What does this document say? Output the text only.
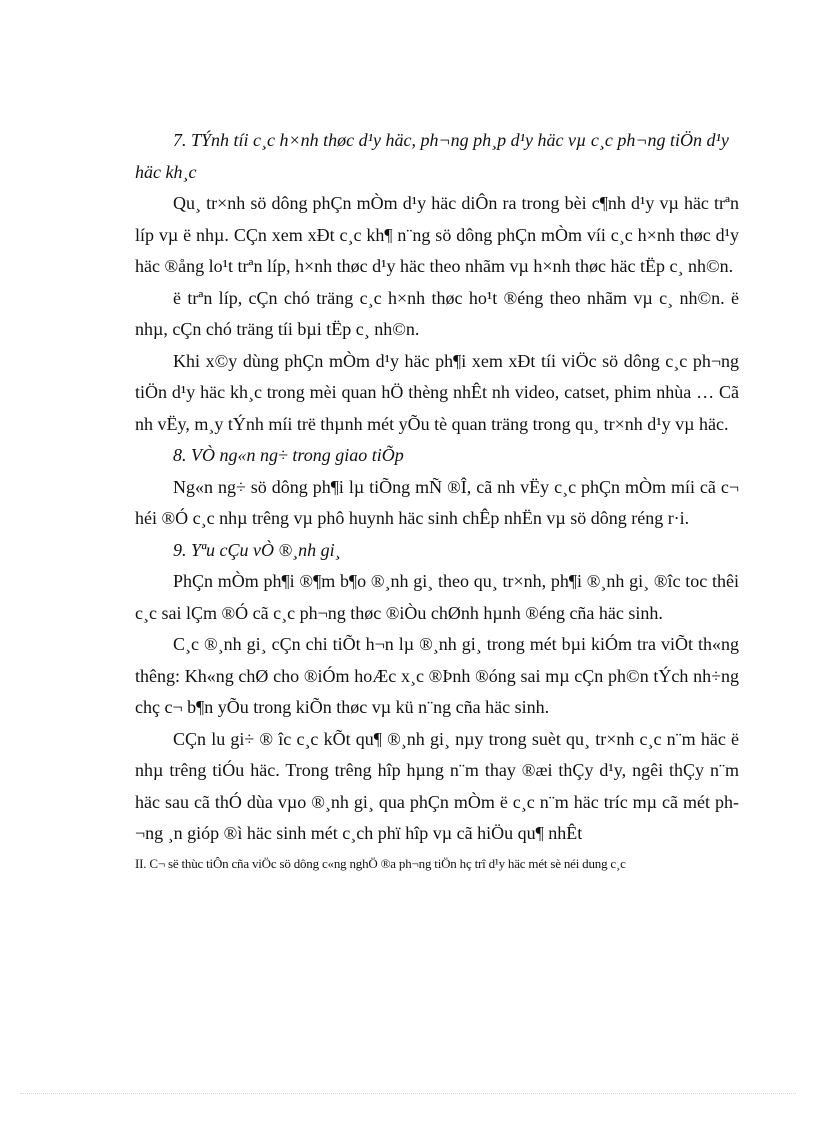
7. TÝnh tíi c¸c h×nh thøc d¹y häc, ph¬ng ph¸p d¹y häc vµ c¸c ph¬ng tiÖn d¹y häc kh¸c

Qu¸ tr×nh sö dông phÇn mÒm d¹y häc diÔn ra trong bèi c¶nh d¹y vµ häc trªn líp vµ ë nhµ. CÇn xem xÐt c¸c kh¶ n¨ng sö dông phÇn mÒm víi c¸c h×nh thøc d¹y häc ®ång lo¹t trªn líp, h×nh thøc d¹y häc theo nhãm vµ h×nh thøc häc tËp c¸ nh©n.

ë trªn líp, cÇn chó träng c¸c h×nh thøc ho¹t ®éng theo nhãm vµ c¸ nh©n. ë nhµ, cÇn chó träng tíi bµi tËp c¸ nh©n.

Khi x©y dùng phÇn mÒm d¹y häc ph¶i xem xÐt tíi viÖc sö dông c¸c ph¬ng tiÖn d¹y häc kh¸c trong mèi quan hÖ thèng nhÊt nh video, catset, phim nhùa … Cã nh vËy, m¸y tÝnh míi trë thµnh mét yÕu tè quan träng trong qu¸ tr×nh d¹y vµ häc.

8. VÒ ng«n ng÷ trong giao tiÕp

Ng«n ng÷ sö dông ph¶i lµ tiÕng mÑ ®Î, cã nh vËy c¸c phÇn mÒm míi cã c¬ héi ®Ó c¸c nhµ trêng vµ phô huynh häc sinh chÊp nhËn vµ sö dông réng r·i.

9. Yªu cÇu vÒ ®¸nh gi¸

PhÇn mÒm ph¶i ®¶m b¶o ®¸nh gi¸ theo qu¸ tr×nh, ph¶i ®¸nh gi¸ ®îc toc thêi c¸c sai lÇm ®Ó cã c¸c ph¬ng thøc ®iÒu chØnh hµnh ®éng cña häc sinh.

C¸c ®¸nh gi¸ cÇn chi tiÕt h¬n lµ ®¸nh gi¸ trong mét bµi kiÓm tra viÕt th«ng thêng: Kh«ng chØ cho ®iÓm hoÆc x¸c ®Þnh ®óng sai mµ cÇn ph©n tÝch nh÷ng chç c¬ b¶n yÕu trong kiÕn thøc vµ kü n¨ng cña häc sinh.

CÇn lu gi÷ ® îc c¸c kÕt qu¶ ®¸nh gi¸ nµy trong suèt qu¸ tr×nh c¸c n¨m häc ë nhµ trêng tiÓu häc. Trong trêng hîp hµng n¨m thay ®æi thÇy d¹y, ngêi thÇy n¨m häc sau cã thÓ dùa vµo ®¸nh gi¸ qua phÇn mÒm ë c¸c n¨m häc tríc mµ cã mét ph¬ng ¸n gióp ®ì häc sinh mét c¸ch phï hîp vµ cã hiÖu qu¶ nhÊt

II. C¬ së thùc tiÔn cña viÖc sö dông c«ng nghÖ ®a ph¬ng tiÖn hç trî d¹y häc mét sè néi dung c¸c
